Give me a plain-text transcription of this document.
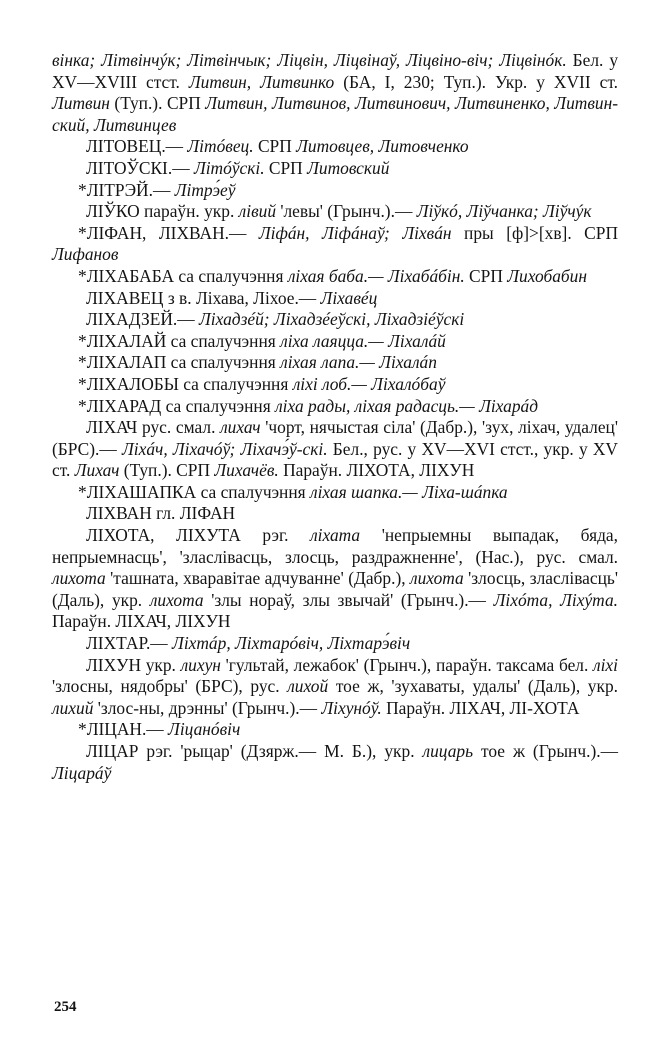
вінка; Літвінчýк; Літвінчык; Ліцвін, Ліцвінаў, Ліцвіно-віч; Ліцвінóк. Бел. у XV—XVIII стст. Литвин, Литвинко (БА, І, 230; Туп.). Укр. у XVII ст. Литвин (Туп.). СРП Литвин, Литвинов, Литвинович, Литвиненко, Литвин-ский, Литвинцев

ЛІТОВЕЦ.— Літóвец. СРП Литовцев, Литовченко

ЛІТОЎСКІ.— Літóўскі. СРП Литовский

*ЛІТРЭЙ.— Літрэ́еў

ЛІЎКО параўн. укр. лівий 'левы' (Грынч.).— Ліўкó, Ліўчанка; Ліўчýк

*ЛІФАН, ЛІХВАН.— Ліфáн, Ліфáнаў; Ліхвáн пры [ф]>[хв]. СРП Лифанов

*ЛІХАБАБА са спалучэння ліхая баба.— Ліхабáбін. СРП Лихобабин

ЛІХАВЕЦ з в. Ліхава, Ліхое.— Ліхавéц

ЛІХАДЗЕЙ.— Ліхадзéй; Ліхадзéеўскі, Ліхадзіéўскі

*ЛІХАЛАЙ са спалучэння ліха лаяцца.— Ліхалáй

*ЛІХАЛАП са спалучэння ліхая лапа.— Ліхалáп

*ЛІХАЛОБЫ са спалучэння ліхі лоб.— Ліхалóбаў

*ЛІХАРАД са спалучэння ліха рады, ліхая радасць.— Ліхарáд

ЛІХАЧ рус. смал. лихач 'чорт, нячыстая сіла' (Дабр.), 'зух, ліхач, удалец' (БРС).— Ліхáч, Ліхачóў; Ліхачэ́ў-скі. Бел., рус. у XV—XVI стст., укр. у XV ст. Лихач (Туп.). СРП Лихачёв. Параўн. ЛІХОТА, ЛІХУН

*ЛІХАШАПКА са спалучэння ліхая шапка.— Ліха-шáпка

ЛІХВАН гл. ЛІФАН

ЛІХОТА, ЛІХУТА рэг. ліхата 'непрыемны выпадак, бяда, непрыемнасць', 'зласлівасць, злосць, раздражненне', (Нас.), рус. смал. лихота 'ташната, хваравітае адчуванне' (Дабр.), лихота 'злосць, зласлівасць' (Даль), укр. лихота 'злы нораў, злы звычай' (Грынч.).— Ліхóта, Ліхýта. Параўн. ЛІХАЧ, ЛІХУН

ЛІХТАР.— Ліхтáр, Ліхтарóвіч, Ліхтарэ́віч

ЛІХУН укр. лихун 'гультай, лежабок' (Грынч.), параўн. таксама бел. ліхі 'злосны, нядобры' (БРС), рус. лихой тое ж, 'зухаваты, удалы' (Даль), укр. лихий 'злос-ны, дрэнны' (Грынч.).— Ліхунóў. Параўн. ЛІХАЧ, ЛІ-ХОТА

*ЛІЦАН.— Ліцанóвіч

ЛІЦАР рэг. 'рыцар' (Дзярж.— М. Б.), укр. лицарь тое ж (Грынч.).— Ліцарáў

254
